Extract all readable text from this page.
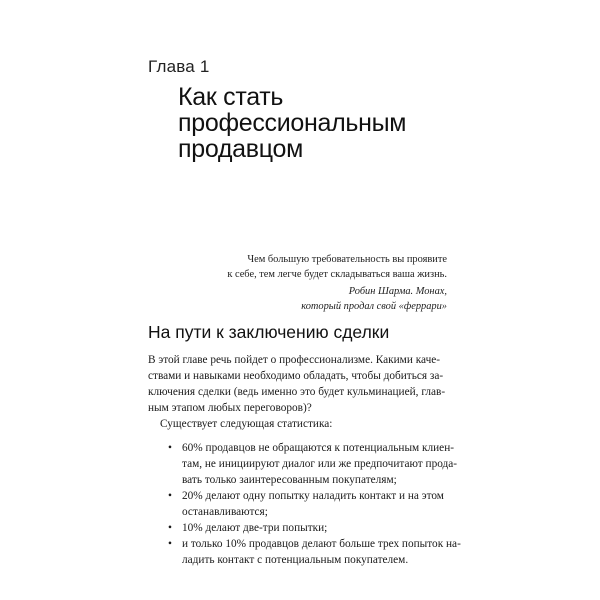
Глава 1
Как стать
профессиональным
продавцом
Чем большую требовательность вы проявите
к себе, тем легче будет складываться ваша жизнь.
Робин Шарма. Монах,
который продал свой «феррари»
На пути к заключению сделки
В этой главе речь пойдет о профессионализме. Какими каче-
ствами и навыками необходимо обладать, чтобы добиться за-
ключения сделки (ведь именно это будет кульминацией, глав-
ным этапом любых переговоров)?
Существует следующая статистика:
• 60% продавцов не обращаются к потенциальным клиен-
там, не инициируют диалог или же предпочитают прода-
вать только заинтересованным покупателям;
• 20% делают одну попытку наладить контакт и на этом
останавливаются;
• 10% делают две-три попытки;
• и только 10% продавцов делают больше трех попыток на-
ладить контакт с потенциальным покупателем.
